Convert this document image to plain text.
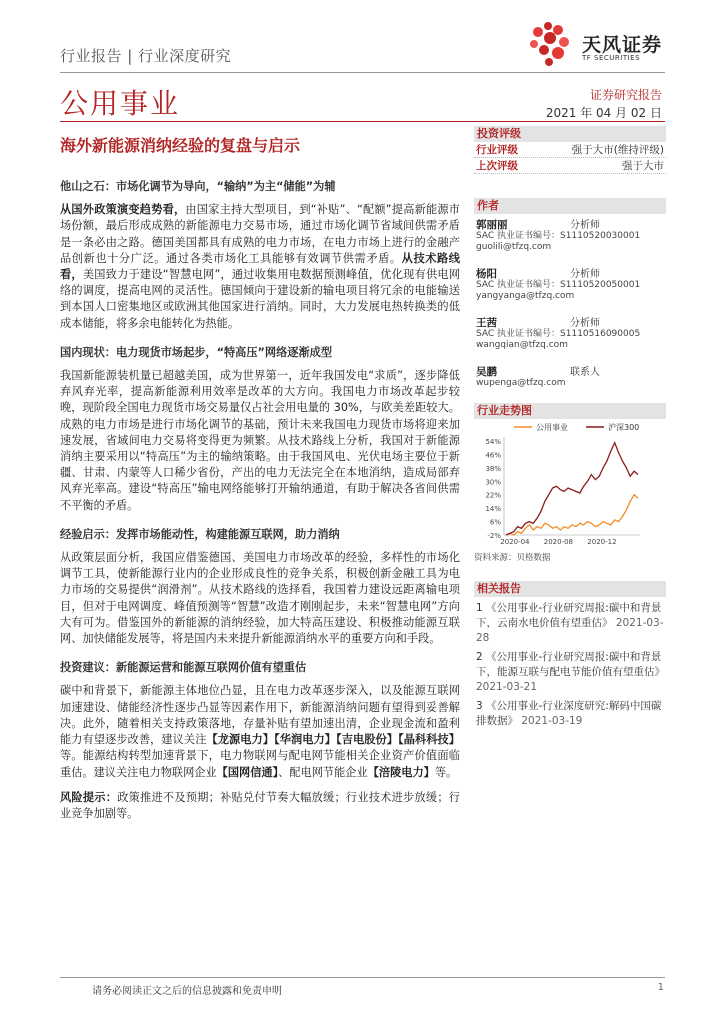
行业报告 | 行业深度研究	天风证券
TF SECURITIES
公用事业	证券研究报告
2021 年 04 月 02 日
海外新能源消纳经验的复盘与启示

他山之石：市场化调节为导向，“输纳”为主“储能”为辅

从国外政策演变趋势看，由国家主持大型项目，到“补贴”、“配额”提高新能源市场份额，最后形成成熟的新能源电力交易市场，通过市场化调节省域间供需矛盾是一条必由之路。德国美国都具有成熟的电力市场，在电力市场上进行的金融产品创新也十分广泛。通过各类市场化工具能够有效调节供需矛盾。从技术路线看，美国致力于建设“智慧电网”，通过收集用电数据预测峰值，优化现有供电网络的调度，提高电网的灵活性。德国倾向于建设新的输电项目将冗余的电能输送到本国人口密集地区或欧洲其他国家进行消纳。同时，大力发展电热转换类的低成本储能，将多余电能转化为热能。

国内现状：电力现货市场起步，“特高压”网络逐渐成型

我国新能源装机量已超越美国，成为世界第一，近年我国发电“求质”，逐步降低弃风弃光率，提高新能源利用效率是改革的大方向。我国电力市场改革起步较晚，现阶段全国电力现货市场交易量仅占社会用电量的 30%，与欧美差距较大。成熟的电力市场是进行市场化调节的基础，预计未来我国电力现货市场将迎来加速发展，省域间电力交易将变得更为频繁。从技术路线上分析，我国对于新能源消纳主要采用以“特高压”为主的输纳策略。由于我国风电、光伏电场主要位于新疆、甘肃、内蒙等人口稀少省份，产出的电力无法完全在本地消纳，造成局部弃风弃光率高。建设“特高压”输电网络能够打开输纳通道，有助于解决各省间供需不平衡的矛盾。

经验启示：发挥市场能动性，构建能源互联网，助力消纳

从政策层面分析，我国应借鉴德国、美国电力市场改革的经验，多样性的市场化调节工具，使新能源行业内的企业形成良性的竞争关系，积极创新金融工具为电力市场的交易提供“润滑剂”。从技术路线的选择看，我国着力建设远距离输电项目，但对于电网调度、峰值预测等“智慧”改造才刚刚起步，未来“智慧电网”方向大有可为。借鉴国外的新能源的消纳经验，加大特高压建设、积极推动能源互联网、加快储能发展等，将是国内未来提升新能源消纳水平的重要方向和手段。

投资建议：新能源运营和能源互联网价值有望重估

碳中和背景下，新能源主体地位凸显，且在电力改革逐步深入，以及能源互联网加速建设、储能经济性逐步凸显等因素作用下，新能源消纳问题有望得到妥善解决。此外，随着相关支持政策落地，存量补贴有望加速出清，企业现金流和盈利能力有望逐步改善，建议关注【龙源电力】【华润电力】【吉电股份】【晶科科技】等。能源结构转型加速背景下，电力物联网与配电网节能相关企业资产价值面临重估。建议关注电力物联网企业【国网信通】、配电网节能企业【涪陵电力】等。

风险提示：政策推进不及预期；补贴兑付节奏大幅放缓；行业技术进步放缓；行业竞争加剧等。

投资评级
行业评级	强于大市(维持评级)
上次评级	强于大市
作者
郭丽丽	分析师
SAC 执业证书编号：S1110520030001
guolili@tfzq.com
杨阳	分析师
SAC 执业证书编号：S1110520050001
yangyanga@tfzq.com
王茜	分析师
SAC 执业证书编号：S1110516090005
wangqian@tfzq.com
吴鹏	联系人
wupenga@tfzq.com
行业走势图
公用事业	沪深300
-2%
6%
14%
22%
30%
38%
46%
54%
2020-04 2020-08 2020-12
资料来源：贝格数据
相关报告
1 《公用事业-行业研究周报:碳中和背景下，云南水电价值有望重估》 2021-03-28
2 《公用事业-行业研究周报:碳中和背景下，能源互联与配电节能价值有望重估》 2021-03-21
3 《公用事业-行业深度研究:解码中国碳排数据》 2021-03-19
请务必阅读正文之后的信息披露和免责申明	1
